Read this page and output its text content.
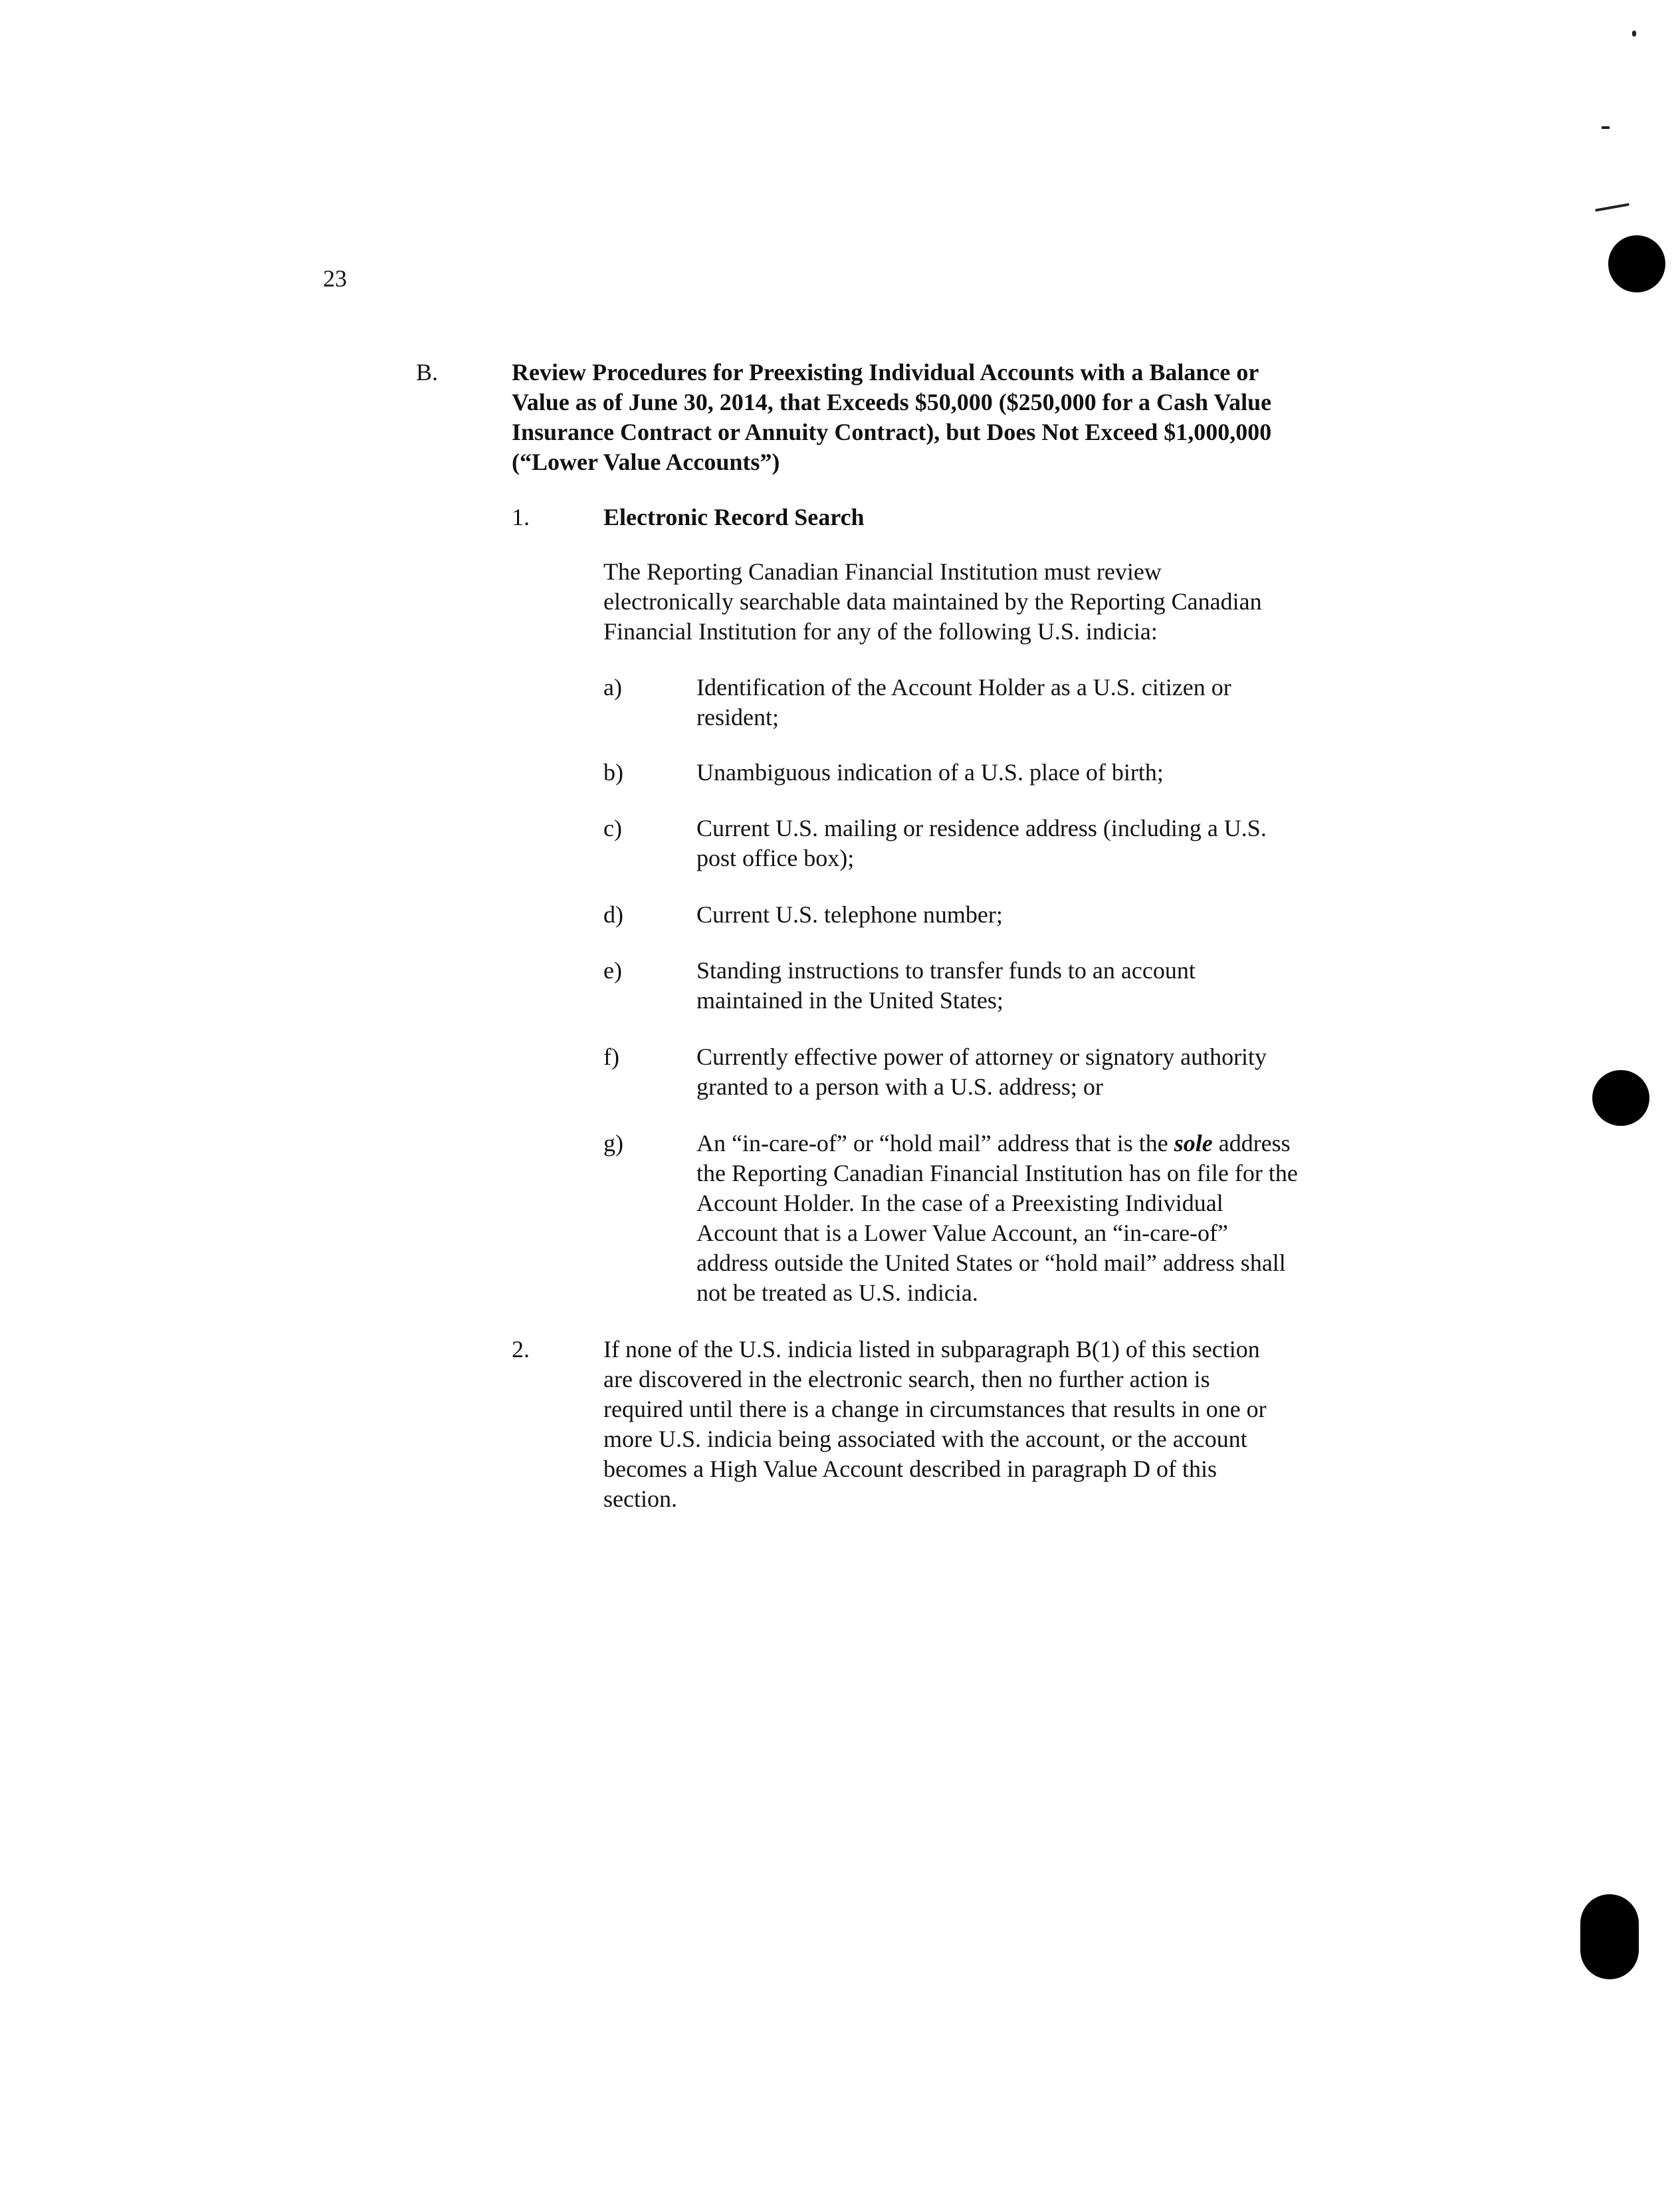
23
B.	Review Procedures for Preexisting Individual Accounts with a Balance or
Value as of June 30, 2014, that Exceeds $50,000 ($250,000 for a Cash Value
Insurance Contract or Annuity Contract), but Does Not Exceed $1,000,000
(“Lower Value Accounts”)
1.	Electronic Record Search
The Reporting Canadian Financial Institution must review
electronically searchable data maintained by the Reporting Canadian
Financial Institution for any of the following U.S. indicia:
a)	Identification of the Account Holder as a U.S. citizen or
resident;
b)	Unambiguous indication of a U.S. place of birth;
c)	Current U.S. mailing or residence address (including a U.S.
post office box);
d)	Current U.S. telephone number;
e)	Standing instructions to transfer funds to an account
maintained in the United States;
f)	Currently effective power of attorney or signatory authority
granted to a person with a U.S. address; or
g)	An “in-care-of” or “hold mail” address that is the sole address
the Reporting Canadian Financial Institution has on file for the
Account Holder. In the case of a Preexisting Individual
Account that is a Lower Value Account, an “in-care-of”
address outside the United States or “hold mail” address shall
not be treated as U.S. indicia.
2.	If none of the U.S. indicia listed in subparagraph B(1) of this section
are discovered in the electronic search, then no further action is
required until there is a change in circumstances that results in one or
more U.S. indicia being associated with the account, or the account
becomes a High Value Account described in paragraph D of this
section.
